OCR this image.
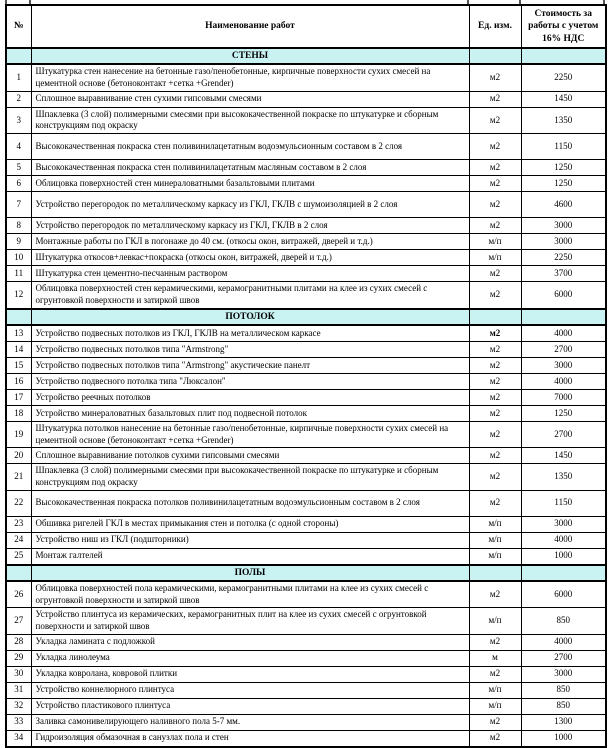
№	Наименование работ	Ед. изм.	Стоимость за работы с учетом 16% НДС
	СТЕНЫ		
1	Штукатурка стен нанесение на бетонные газо/пенобетонные, кирпичные поверхности сухих смесей на цементной основе (бетоноконтакт +сетка +Grender)	м2	2250
2	Сплошное выравнивание стен сухими гипсовыми смесями	м2	1450
3	Шпаклевка (3 слой) полимерными смесями при высококачественной покраске по штукатурке и сборным конструкциям под окраску	м2	1350
4	Высококачественная покраска стен поливинилацетатным водоэмульсионным составом в 2 слоя	м2	1150
5	Высококачественная покраска стен поливинилацетатным масляным составом в 2 слоя	м2	1250
6	Облицовка поверхностей стен минераловатными базальтовыми плитами	м2	1250
7	Устройство перегородок по металлическому каркасу из ГКЛ, ГКЛВ с шумоизоляцией в 2 слоя	м2	4600
8	Устройство перегородок по металлическому каркасу из ГКЛ, ГКЛВ в 2 слоя	м2	3000
9	Монтажные работы по ГКЛ в погонаже до 40 см. (откосы окон, витражей, дверей и т.д.)	м/п	3000
10	Штукатурка откосов+левкас+покраска (откосы окон, витражей, дверей и т.д.)	м/п	2250
11	Штукатурка стен цементно-песчанным раствором	м2	3700
12	Облицовка поверхностей стен керамическими, керамогранитными плитами на клее из сухих смесей с огрунтовкой поверхности и затиркой швов	м2	6000
	ПОТОЛОК		
13	Устройство подвесных потолков из ГКЛ, ГКЛВ на металлическом каркасе	м2	4000
14	Устройство подвесных потолков типа "Armstrong"	м2	2700
15	Устройство подвесных потолков типа "Armstrong" акустические панелт	м2	3000
16	Устройство подвесного потолка типа "Люксалон"	м2	4000
17	Устройство реечных потолков	м2	7000
18	Устройство минераловатных базальтовых плит под подвесной потолок	м2	1250
19	Штукатурка потолков нанесение на бетонные газо/пенобетонные, кирпичные поверхности сухих смесей на цементной основе (бетоноконтакт +сетка +Grender)	м2	2700
20	Сплошное выравнивание потолков сухими гипсовыми смесями	м2	1450
21	Шпаклевка (3 слой) полимерными смесями при высококачественной покраске по штукатурке и сборным конструкциям под окраску	м2	1350
22	Высококачественная покраска потолков поливинилацетатным водоэмульсионным составом в 2 слоя	м2	1150
23	Обшивка ригелей ГКЛ в местах примыкания стен и потолка (с одной стороны)	м/п	3000
24	Устройство ниш из ГКЛ (подшторники)	м/п	4000
25	Монтаж галтелей	м/п	1000
	ПОЛЫ		
26	Облицовка поверхностей пола керамическими, керамогранитными плитами на клее из сухих смесей с огрунтовкой поверхности и затиркой швов	м2	6000
27	Устройство плинтуса из керамических, керамогранитных плит на клее из сухих смесей с огрунтовкой поверхности и затиркой швов	м/п	850
28	Укладка ламината с подложкой	м2	4000
29	Укладка линолеума	м	2700
30	Укладка ковролана, ковровой плитки	м2	3000
31	Устройство коннелюрного плинтуса	м/п	850
32	Устройство пластикового плинтуса	м/п	850
33	Заливка самонивелирующего наливного пола 5-7 мм.	м2	1300
34	Гидроизоляция обмазочная в санузлах пола и стен	м2	1000
